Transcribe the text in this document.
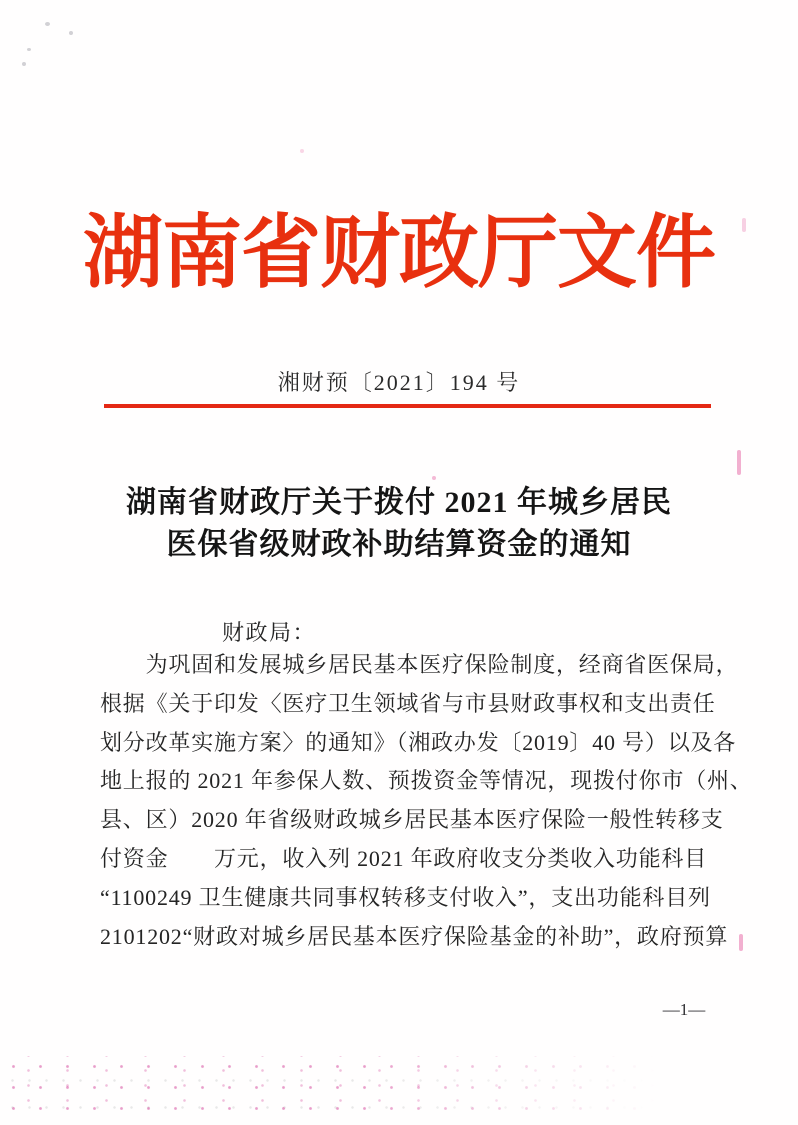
湖南省财政厅文件
湘财预〔2021〕194 号
湖南省财政厅关于拨付 2021 年城乡居民
医保省级财政补助结算资金的通知
财政局：
　　为巩固和发展城乡居民基本医疗保险制度，经商省医保局，
根据《关于印发〈医疗卫生领域省与市县财政事权和支出责任
划分改革实施方案〉的通知》（湘政办发〔2019〕40 号）以及各
地上报的 2021 年参保人数、预拨资金等情况，现拨付你市（州、
县、区）2020 年省级财政城乡居民基本医疗保险一般性转移支
付资金　　万元，收入列 2021 年政府收支分类收入功能科目
“1100249 卫生健康共同事权转移支付收入”，支出功能科目列
2101202“财政对城乡居民基本医疗保险基金的补助”，政府预算
—1—
